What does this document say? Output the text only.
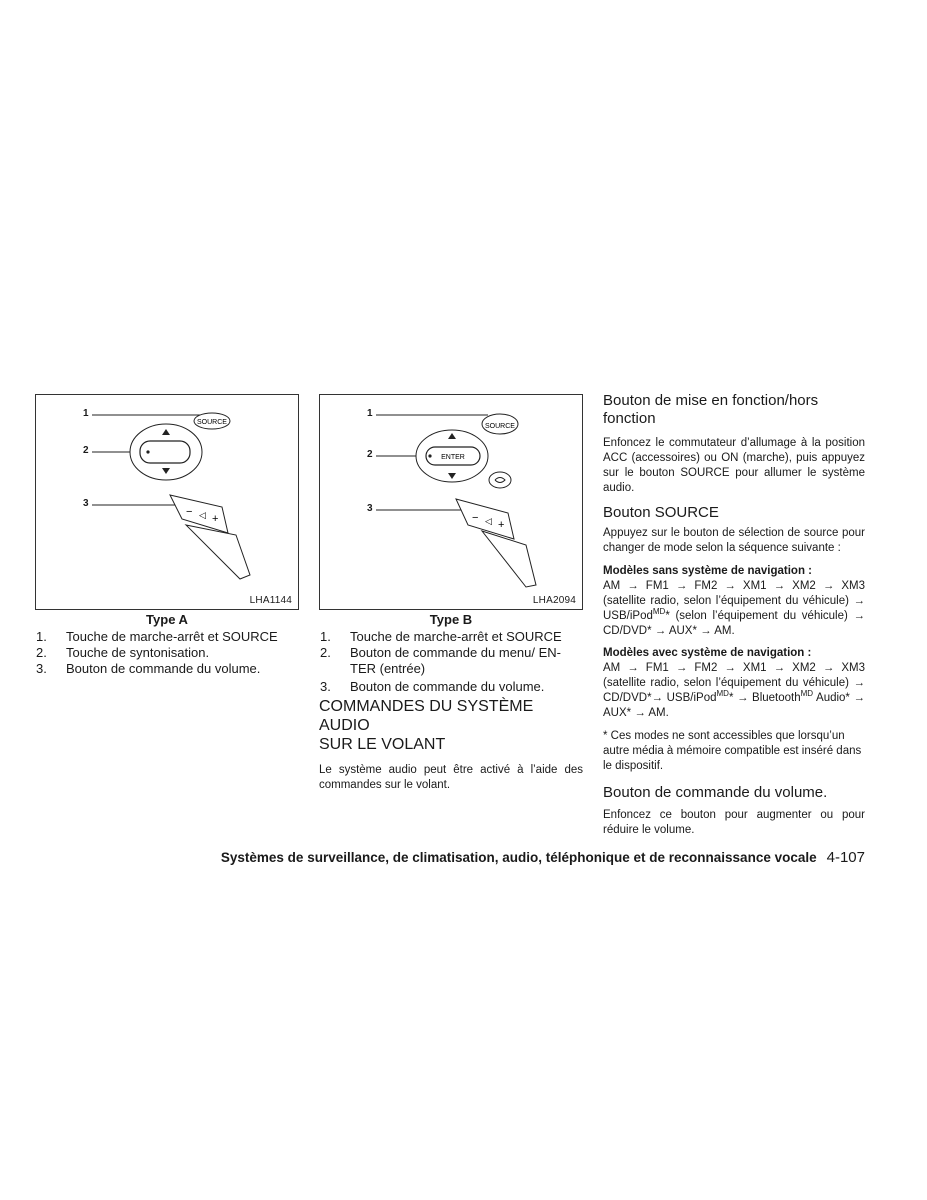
SOURCE
− ◁ +
1
2
3
LHA1144
Type A
1. Touche de marche-arrêt et SOURCE
2. Touche de syntonisation.
3. Bouton de commande du volume.
SOURCE
ENTER
− ◁ +
1
2
3
LHA2094
Type B
1. Touche de marche-arrêt et SOURCE
2. Bouton de commande du menu/ EN-
TER (entrée)
3. Bouton de commande du volume.
COMMANDES DU SYSTÈME AUDIO
SUR LE VOLANT

Le système audio peut être activé à l’aide des commandes sur le volant.

Bouton de mise en fonction/hors
fonction

Enfoncez le commutateur d’allumage à la position ACC (accessoires) ou ON (marche), puis appuyez sur le bouton SOURCE pour allumer le système audio.

Bouton SOURCE

Appuyez sur le bouton de sélection de source pour changer de mode selon la séquence suivante :

Modèles sans système de navigation :

AM → FM1 → FM2 → XM1 → XM2 → XM3 (satellite radio, selon l’équipement du véhicule) → USB/iPod$^{MD}$* (selon l’équipement du véhicule) → CD/DVD* → AUX* → AM.

Modèles avec système de navigation :

AM → FM1 → FM2 → XM1 → XM2 → XM3 (satellite radio, selon l’équipement du véhicule) → CD/DVD*→ USB/iPod$^{MD}$* → Bluetooth$^{MD}$ Audio* → AUX* → AM.

* Ces modes ne sont accessibles que lorsqu’un autre média à mémoire compatible est inséré dans le dispositif.

Bouton de commande du volume.

Enfoncez ce bouton pour augmenter ou pour réduire le volume.

Systèmes de surveillance, de climatisation, audio, téléphonique et de reconnaissance vocale 4-107
